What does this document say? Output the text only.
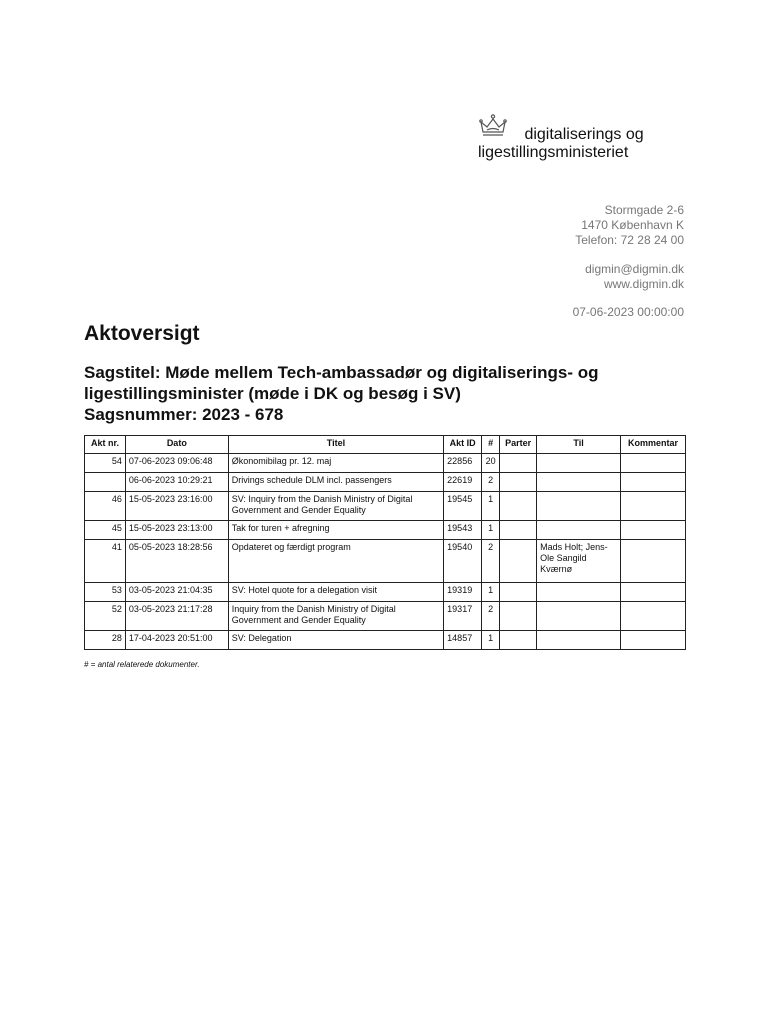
digitaliserings og
ligestillingsministeriet
Stormgade 2-6
1470 København K
Telefon: 72 28 24 00
digmin@digmin.dk
www.digmin.dk
07-06-2023 00:00:00
Aktoversigt
Sagstitel: Møde mellem Tech-ambassadør og digitaliserings- og ligestillingsminister (møde i DK og besøg i SV)
Sagsnummer: 2023 - 678
Akt nr.	Dato	Titel	Akt ID	#	Parter	Til	Kommentar
54	07-06-2023 09:06:48	Økonomibilag pr. 12. maj	22856	20			
	06-06-2023 10:29:21	Drivings schedule DLM incl. passengers	22619	2			
46	15-05-2023 23:16:00	SV: Inquiry from the Danish Ministry of Digital Government and Gender Equality	19545	1			
45	15-05-2023 23:13:00	Tak for turen + afregning	19543	1			
41	05-05-2023 18:28:56	Opdateret og færdigt program	19540	2		Mads Holt; Jens-Ole Sangild Kværnø	
53	03-05-2023 21:04:35	SV: Hotel quote for a delegation visit	19319	1			
52	03-05-2023 21:17:28	Inquiry from the Danish Ministry of Digital Government and Gender Equality	19317	2			
28	17-04-2023 20:51:00	SV: Delegation	14857	1			
# = antal relaterede dokumenter.
